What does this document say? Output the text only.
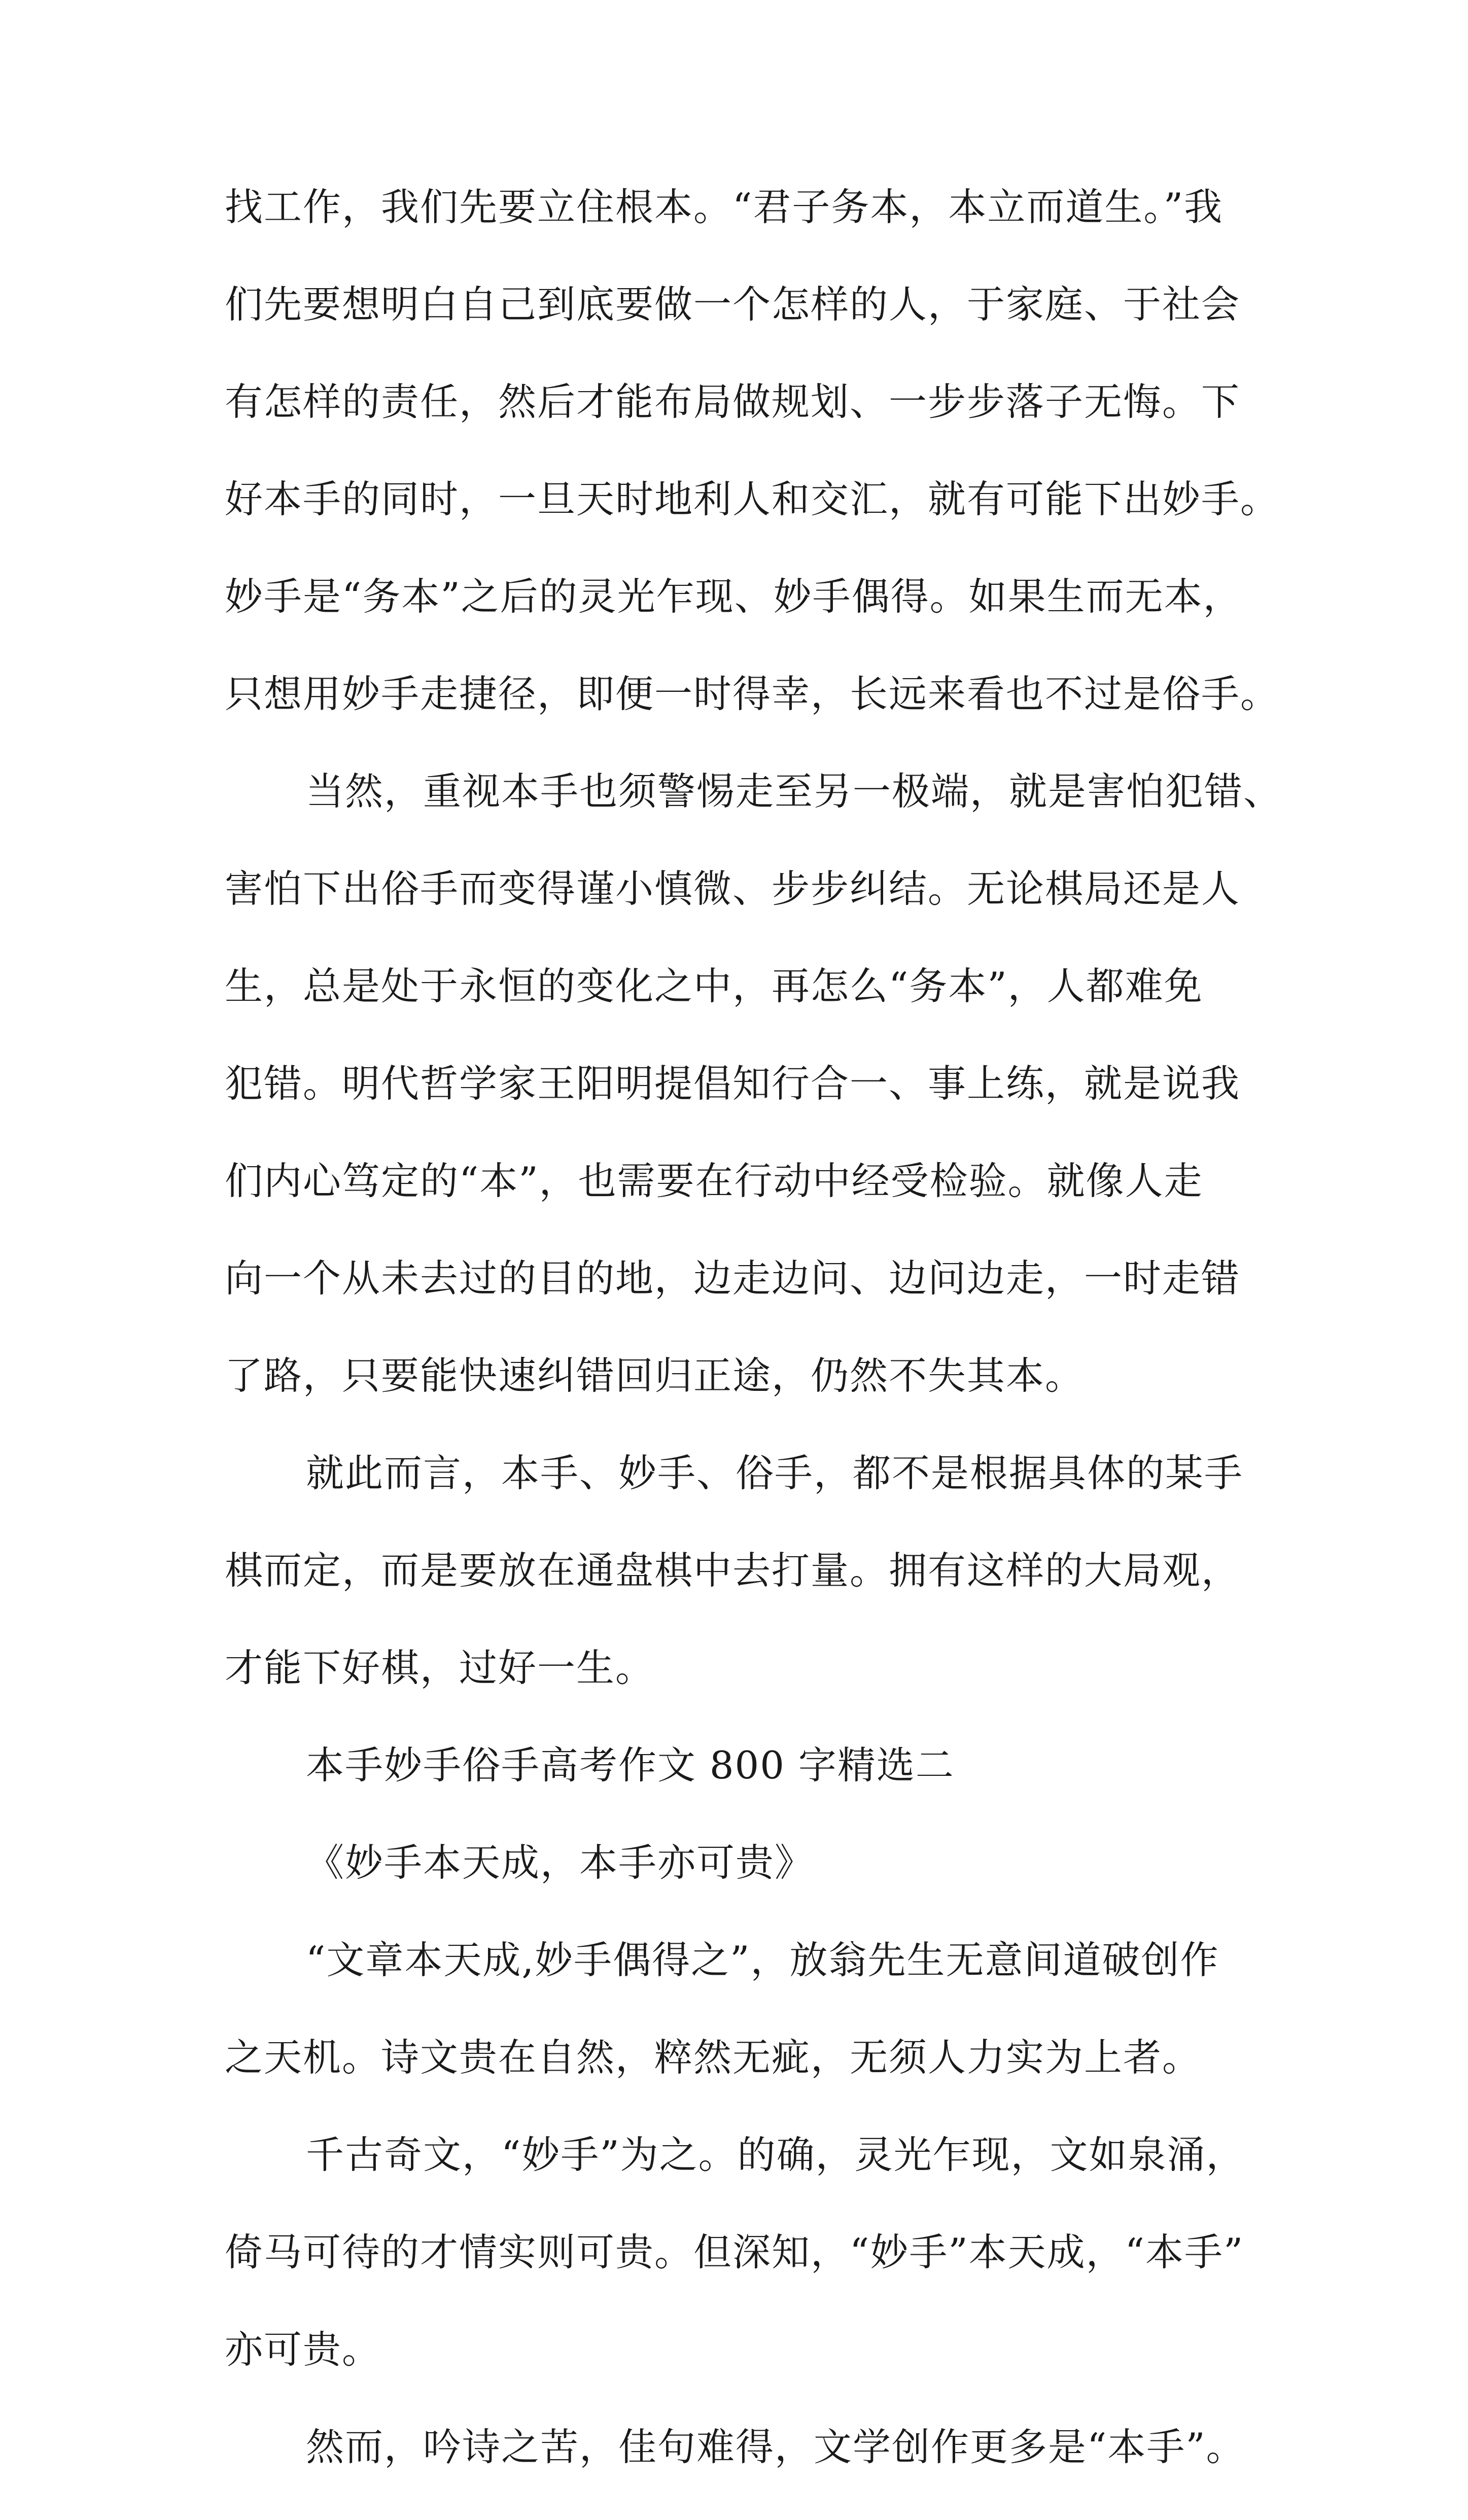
找工作，我们先要立住根本。“君子务本，本立而道生。”我
们先要想明白自己到底要做一个怎样的人，于家庭、于社会
有怎样的责任，然后才能布局做规划、一步步落子无悔。下
好本手的同时，一旦天时地利人和交汇，就有可能下出妙手。
妙手是“务本”之后的灵光乍现、妙手偶得。如果生而无本，
只想用妙手走捷径，即便一时得幸，长远来看也不过是俗手。
当然，重视本手也须警惕走至另一极端，就是害怕犯错、
害怕下出俗手而变得谨小慎微、步步纠结。无论棋局还是人
生，总是处于永恒的变化之中，再怎么“务本”，人都难免
犯错。明代哲学家王阳明提倡知行合一、事上练，就是说我
们内心笃定的“本”，也需要在行动中经受检验。就像人走
向一个从未去过的目的地，边走边问、边问边走，一时走错
了路，只要能快速纠错回归正途，仍然不失其本。
就此而言，本手、妙手、俗手，都不是根据具体的某手
棋而定，而是要放在通盘棋中去打量。拥有这样的大局观，
才能下好棋，过好一生。
本手妙手俗手高考作文 800 字精选二
《妙手本天成，本手亦可贵》
“文章本天成,妙手偶得之”，放翁先生无意间道破创作
之天机。诗文贵在自然，粹然无疵，无须人力实为上者。
千古奇文，“妙手”为之。的确，灵光乍现，文如泉涌，
倚马可待的才情实则可贵。但深知，“妙手”本天成，“本手”
亦可贵。
然而，吟诗之苦，佳句难得，文学创作更多是“本手”。
